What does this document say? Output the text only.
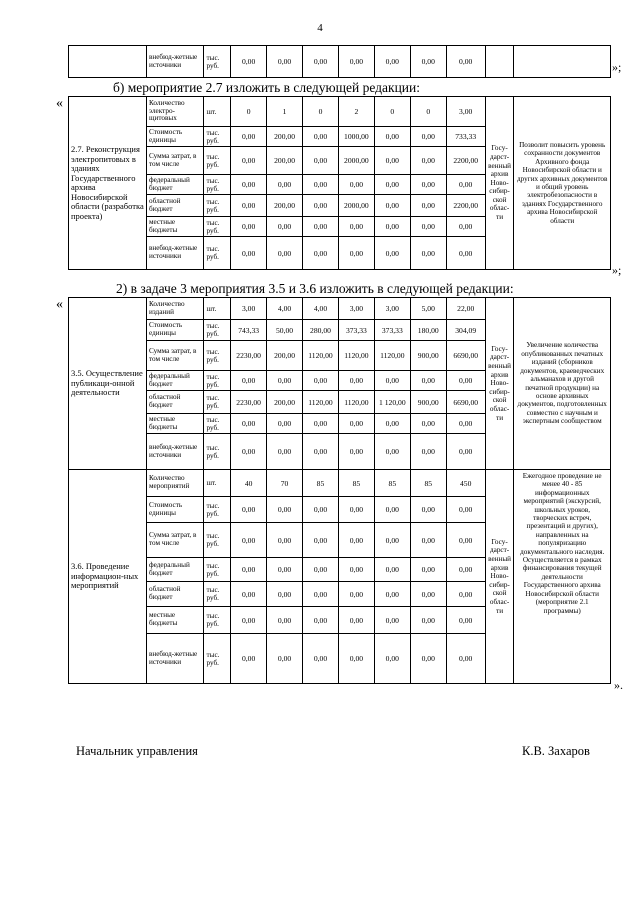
4
	внебюд-жетные источники	тыс. руб.	0,00	0,00	0,00	0,00	0,00	0,00	0,00			»;
б) мероприятие 2.7 изложить в следующей редакции:
«
2.7. Реконструкция электропитовых в зданиях Государственного архива Новосибирской области (разработка проекта)	Количество электро-щитовых	шт.	0	1	0	2	0	0	3,00	Госу-дарст-венный архив Ново-сибир-ской облас-ти	Позволит повысить уровень сохранности документов Архивного фонда Новосибирской области и других архивных документов и общий уровень электробезопасности в зданиях Государственного архива Новосибирской области
	Стоимость единицы	тыс. руб.	0,00	200,00	0,00	1000,00	0,00	0,00	733,33		
	Сумма затрат, в том числе	тыс. руб.	0,00	200,00	0,00	2000,00	0,00	0,00	2200,00		
	федеральный бюджет	тыс. руб.	0,00	0,00	0,00	0,00	0,00	0,00	0,00		
	областной бюджет	тыс. руб.	0,00	200,00	0,00	2000,00	0,00	0,00	2200,00		
	местные бюджеты	тыс. руб.	0,00	0,00	0,00	0,00	0,00	0,00	0,00		
	внебюд-жетные источники	тыс. руб.	0,00	0,00	0,00	0,00	0,00	0,00	0,00		
»;
2) в задаче 3 мероприятия 3.5 и 3.6 изложить в следующей редакции:
«
3.5. Осуществление публикаци-онной деятельности	Количество изданий	шт.	3,00	4,00	4,00	3,00	3,00	5,00	22,00	Госу-дарст-венный архив Ново-сибир-ской облас-ти	Увеличение количества опубликованных печатных изданий (сборников документов, краеведческих альманахов и другой печатной продукции) на основе архивных документов, подготовленных совместно с научным и экспертным сообществом
	Стоимость единицы	тыс. руб.	743,33	50,00	280,00	373,33	373,33	180,00	304,09		
	Сумма затрат, в том числе	тыс. руб.	2230,00	200,00	1120,00	1120,00	1120,00	900,00	6690,00		
	федеральный бюджет	тыс. руб.	0,00	0,00	0,00	0,00	0,00	0,00	0,00		
	областной бюджет	тыс. руб.	2230,00	200,00	1120,00	1120,00	1 120,00	900,00	6690,00		
	местные бюджеты	тыс. руб.	0,00	0,00	0,00	0,00	0,00	0,00	0,00		
	внебюд-жетные источники	тыс. руб.	0,00	0,00	0,00	0,00	0,00	0,00	0,00		
3.6. Проведение информацион-ных мероприятий	Количество мероприятий	шт.	40	70	85	85	85	85	450	Госу-дарст-венный архив Ново-сибир-ской облас-ти	Ежегодное проведение не менее 40 - 85 информационных мероприятий (экскурсий, школьных уроков, творческих встреч, презентаций и других), направленных на популяризацию документального наследия. Осуществляется в рамках финансирования текущей деятельности Государственного архива Новосибирской области (мероприятие 2.1 программы)
	Стоимость единицы	тыс. руб.	0,00	0,00	0,00	0,00	0,00	0,00	0,00		
	Сумма затрат, в том числе	тыс. руб.	0,00	0,00	0,00	0,00	0,00	0,00	0,00		
	федеральный бюджет	тыс. руб.	0,00	0,00	0,00	0,00	0,00	0,00	0,00		
	областной бюджет	тыс. руб.	0,00	0,00	0,00	0,00	0,00	0,00	0,00		
	местные бюджеты	тыс. руб.	0,00	0,00	0,00	0,00	0,00	0,00	0,00		
	внебюд-жетные источники	тыс. руб.	0,00	0,00	0,00	0,00	0,00	0,00	0,00		
».
Начальник управления	К.В. Захаров
